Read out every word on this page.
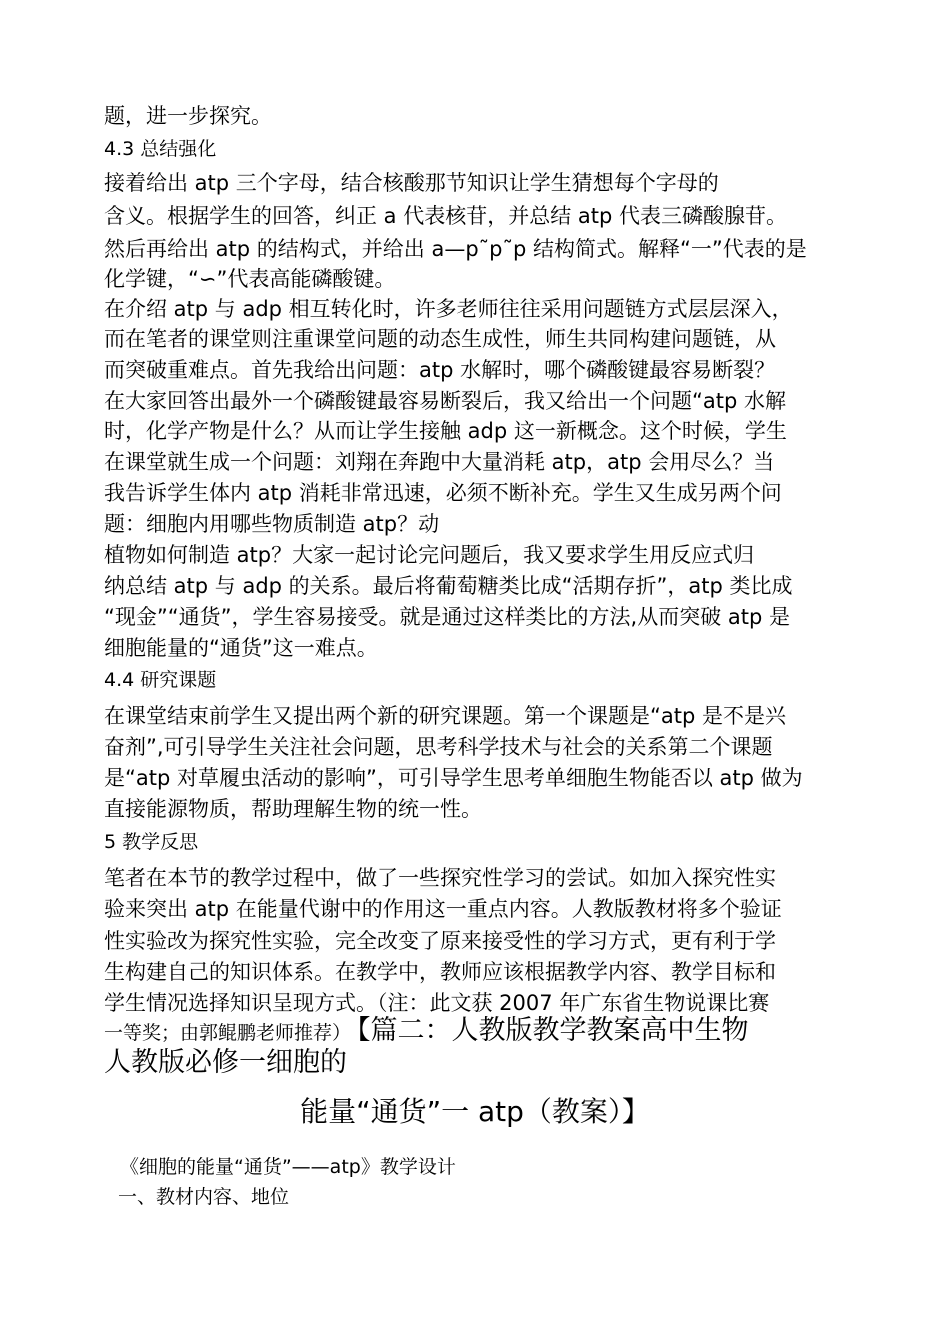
题，进一步探究。
4.3 总结强化
接着给出 atp 三个字母，结合核酸那节知识让学生猜想每个字母的
含义。根据学生的回答，纠正 a 代表核苷，并总结 atp 代表三磷酸腺苷。
然后再给出 atp 的结构式，并给出 a—p˜p˜p 结构简式。解释“一”代表的是
化学键，“∽”代表高能磷酸键。
在介绍 atp 与 adp 相互转化时，许多老师往往采用问题链方式层层深入，
而在笔者的课堂则注重课堂问题的动态生成性，师生共同构建问题链，从
而突破重难点。首先我给出问题：atp 水解时，哪个磷酸键最容易断裂？
在大家回答出最外一个磷酸键最容易断裂后，我又给出一个问题“atp 水解
时，化学产物是什么？从而让学生接触 adp 这一新概念。这个时候，学生
在课堂就生成一个问题：刘翔在奔跑中大量消耗 atp，atp 会用尽么？当
我告诉学生体内 atp 消耗非常迅速，必须不断补充。学生又生成另两个问
题：细胞内用哪些物质制造 atp？动
植物如何制造 atp？大家一起讨论完问题后，我又要求学生用反应式归
纳总结 atp 与 adp 的关系。最后将葡萄糖类比成“活期存折”，atp 类比成
“现金”“通货”，学生容易接受。就是通过这样类比的方法,从而突破 atp 是
细胞能量的“通货”这一难点。
4.4 研究课题
在课堂结束前学生又提出两个新的研究课题。第一个课题是“atp 是不是兴
奋剂”,可引导学生关注社会问题，思考科学技术与社会的关系第二个课题
是“atp 对草履虫活动的影响”，可引导学生思考单细胞生物能否以 atp 做为
直接能源物质，帮助理解生物的统一性。
5 教学反思
笔者在本节的教学过程中，做了一些探究性学习的尝试。如加入探究性实
验来突出 atp 在能量代谢中的作用这一重点内容。人教版教材将多个验证
性实验改为探究性实验，完全改变了原来接受性的学习方式，更有利于学
生构建自己的知识体系。在教学中，教师应该根据教学内容、教学目标和
学生情况选择知识呈现方式。（注：此文获 2007 年广东省生物说课比赛
一等奖；由郭鲲鹏老师推荐） 【篇二：人教版教学教案高中生物
人教版必修一细胞的
能量“通货”一 atp（教案）】
《细胞的能量“通货”——atp》教学设计
一、教材内容、地位
